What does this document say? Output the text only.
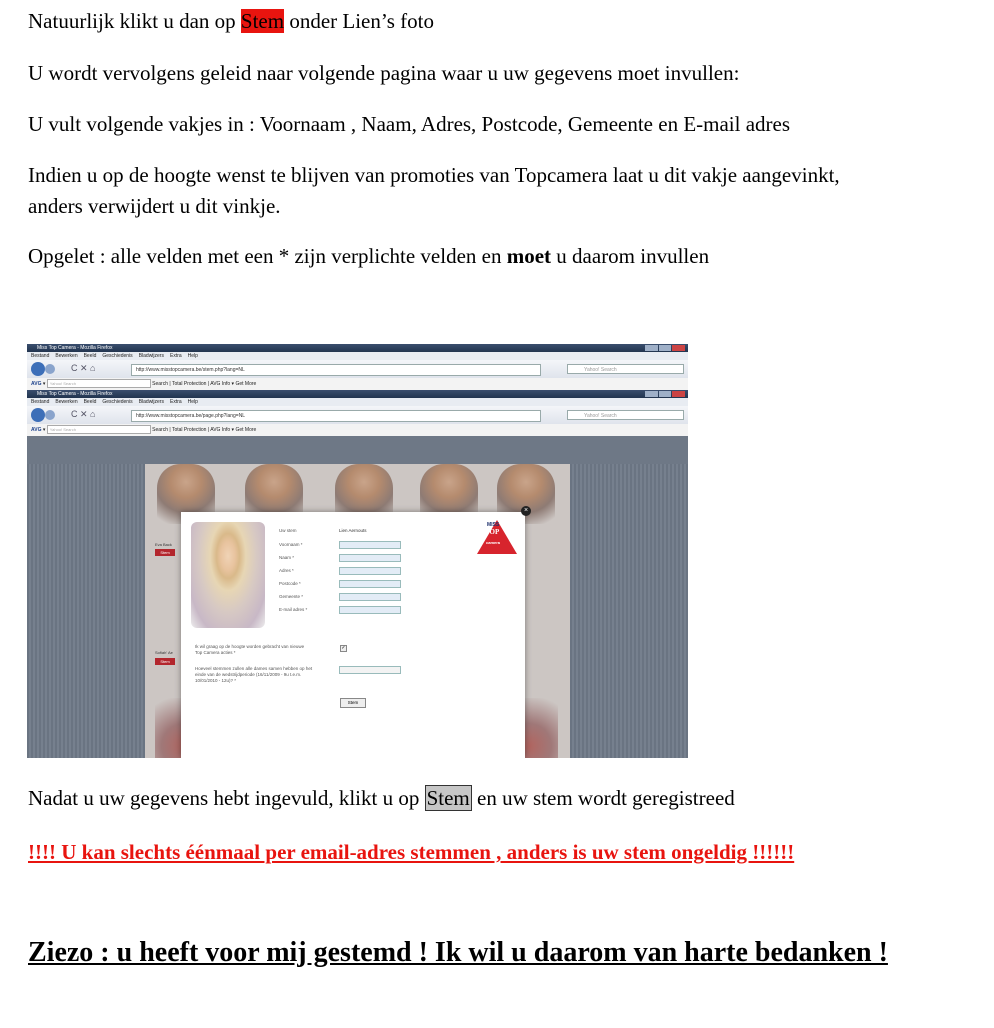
Natuurlijk klikt u dan op Stem onder Lien’s foto

U wordt vervolgens geleid naar volgende pagina waar u uw gegevens moet invullen:

U vult volgende vakjes in : Voornaam , Naam, Adres, Postcode, Gemeente en E-mail adres

Indien u op de hoogte wenst te blijven van promoties van Topcamera laat u dit vakje aangevinkt,

anders verwijdert u dit vinkje.

Opgelet : alle velden met een * zijn verplichte velden en moet u daarom invullen

Miss Top Camera - Mozilla Firefox
Bestand Bewerken Beeld Geschiedenis Bladwijzers Extra Help
C ✕ ⌂	http://www.misstopcamera.be/stem.php?lang=NL	Yahoo! Search
AVG ▾ Yahoo! Search	Search | Total Protection | AVG Info ▾ Get More
Miss Top Camera - Mozilla Firefox
Bestand Bewerken Beeld Geschiedenis Bladwijzers Extra Help
C ✕ ⌂	http://www.misstopcamera.be/page.php?lang=NL	Yahoo! Search
AVG ▾ Yahoo! Search	Search | Total Protection | AVG Info ▾ Get More
Eva Back
Stem
Sofiah' Ae
Stem
×
Uw stem	Lien Aernouts
Voornaam *
Naam *
Adres *
Postcode *
Gemeente *
E-mail adres *
Ik wil graag op de hoogte worden gebracht van nieuwe
Top Camera acties *
✓
Hoeveel stemmen zullen alle dames samen hebben op het
einde van de wedstrijdperiode (16/11/2009 - 9u t.e.m.
10/01/2010 - 12u)? *
Stem
MISS
TOP
camera

Nadat u uw gegevens hebt ingevuld, klikt u op Stem en uw stem wordt geregistreed

!!!! U kan slechts éénmaal per email-adres stemmen , anders is uw stem ongeldig !!!!!!

Ziezo : u heeft voor mij gestemd ! Ik wil u daarom van harte bedanken !
